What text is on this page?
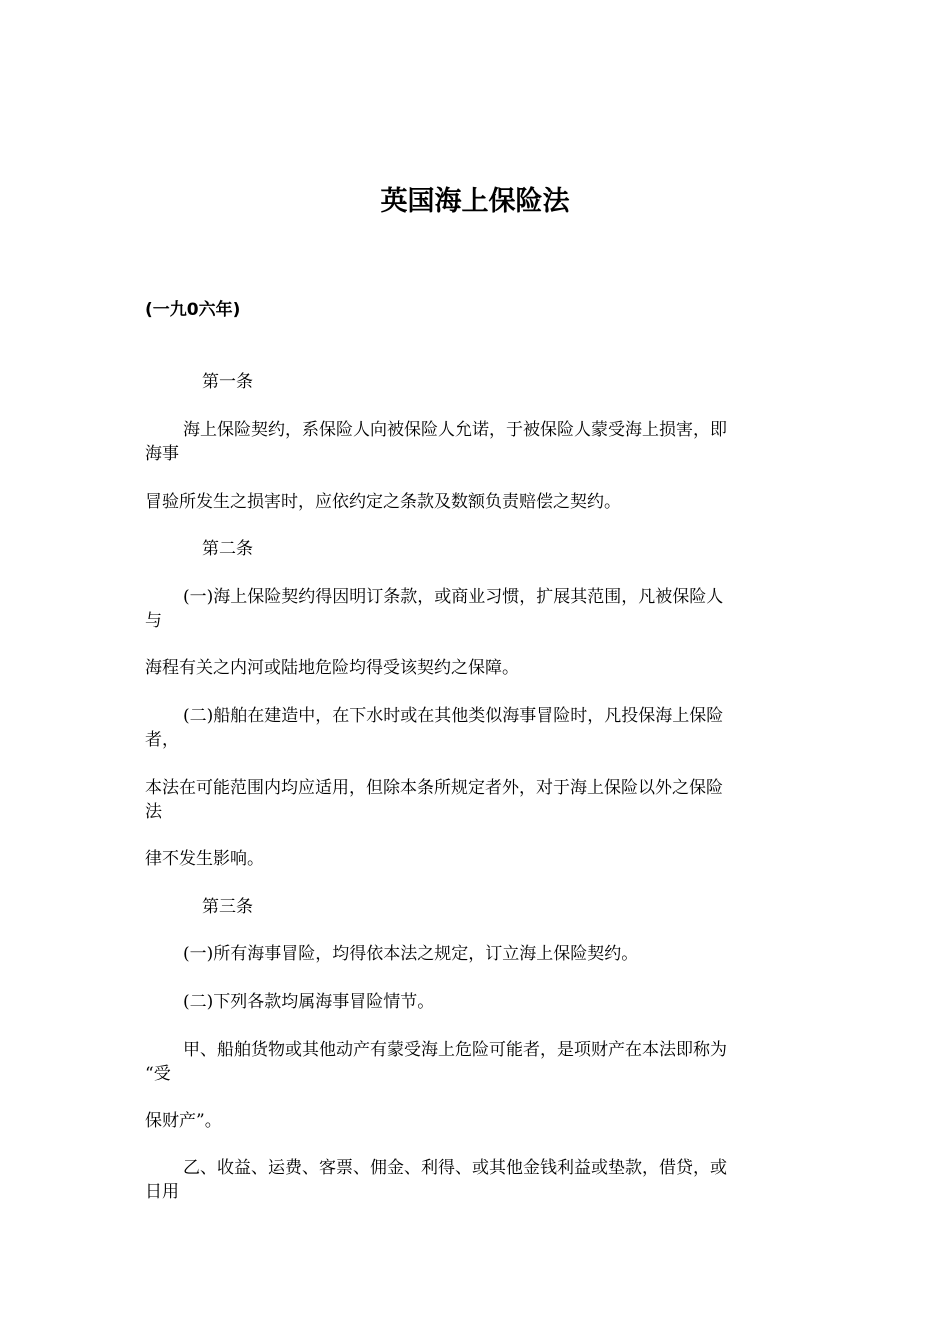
英国海上保险法
(一九0六年)
第一条
海上保险契约，系保险人向被保险人允诺，于被保险人蒙受海上损害，即
海事
冒验所发生之损害时，应依约定之条款及数额负责赔偿之契约。
第二条
(一)海上保险契约得因明订条款，或商业习惯，扩展其范围，凡被保险人
与
海程有关之内河或陆地危险均得受该契约之保障。
(二)船舶在建造中，在下水时或在其他类似海事冒险时，凡投保海上保险
者，
本法在可能范围内均应适用，但除本条所规定者外，对于海上保险以外之保险
法
律不发生影响。
第三条
(一)所有海事冒险，均得依本法之规定，订立海上保险契约。
(二)下列各款均属海事冒险情节。
甲、船舶货物或其他动产有蒙受海上危险可能者，是项财产在本法即称为
“受
保财产”。
乙、收益、运费、客票、佣金、利得、或其他金钱利益或垫款，借贷，或
日用
